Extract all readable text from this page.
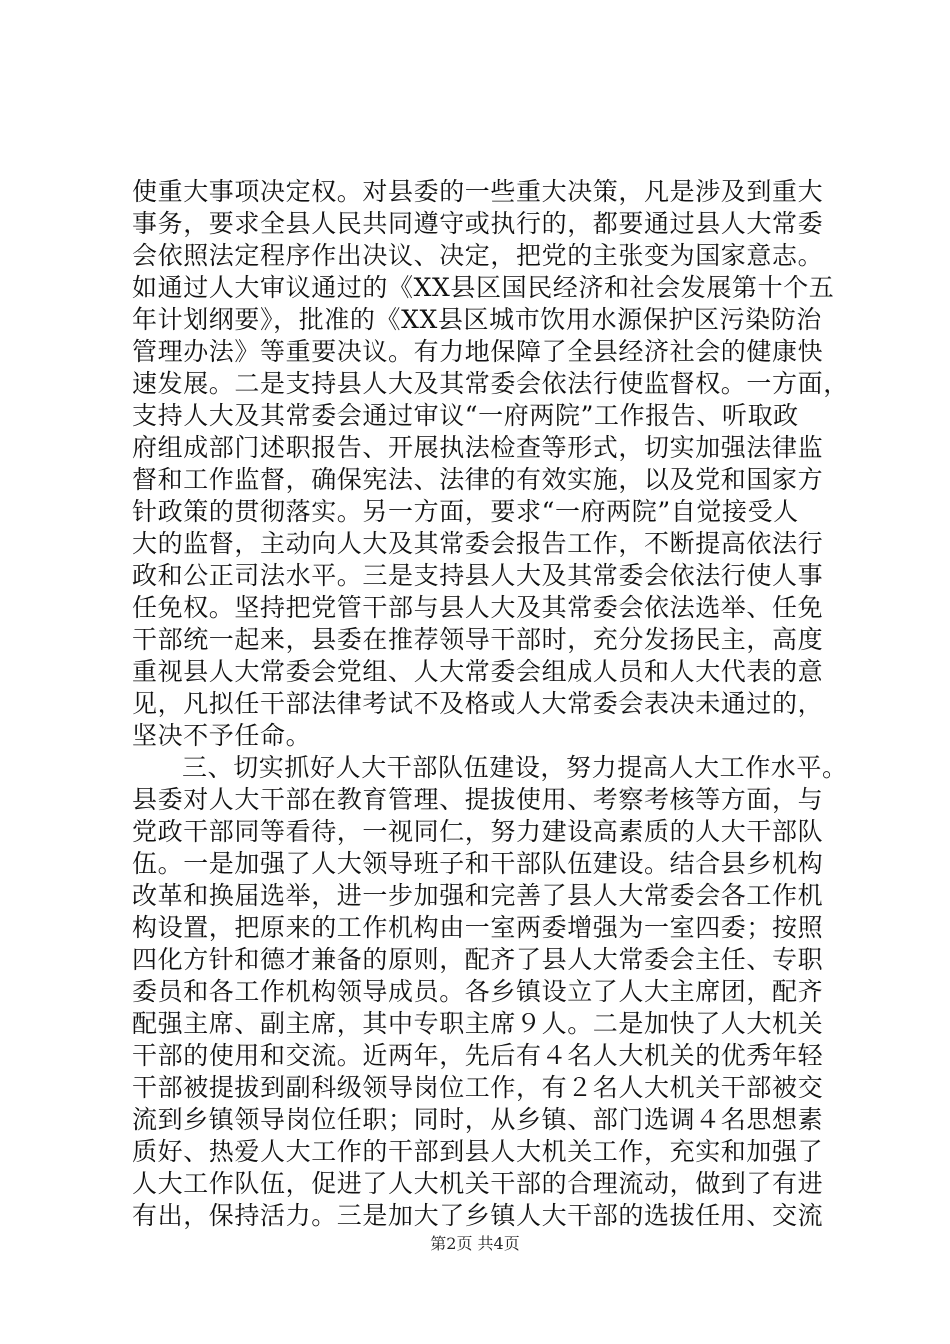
使重大事项决定权。对县委的一些重大决策，凡是涉及到重大
事务，要求全县人民共同遵守或执行的，都要通过县人大常委
会依照法定程序作出决议、决定，把党的主张变为国家意志。
如通过人大审议通过的《XX县区国民经济和社会发展第十个五
年计划纲要》，批准的《XX县区城市饮用水源保护区污染防治
管理办法》等重要决议。有力地保障了全县经济社会的健康快
速发展。二是支持县人大及其常委会依法行使监督权。一方面，
支持人大及其常委会通过审议“一府两院”工作报告、听取政
府组成部门述职报告、开展执法检查等形式，切实加强法律监
督和工作监督，确保宪法、法律的有效实施，以及党和国家方
针政策的贯彻落实。另一方面，要求“一府两院”自觉接受人
大的监督，主动向人大及其常委会报告工作，不断提高依法行
政和公正司法水平。三是支持县人大及其常委会依法行使人事
任免权。坚持把党管干部与县人大及其常委会依法选举、任免
干部统一起来，县委在推荐领导干部时，充分发扬民主，高度
重视县人大常委会党组、人大常委会组成人员和人大代表的意
见，凡拟任干部法律考试不及格或人大常委会表决未通过的，
坚决不予任命。
三、切实抓好人大干部队伍建设，努力提高人大工作水平。
县委对人大干部在教育管理、提拔使用、考察考核等方面，与
党政干部同等看待，一视同仁，努力建设高素质的人大干部队
伍。一是加强了人大领导班子和干部队伍建设。结合县乡机构
改革和换届选举，进一步加强和完善了县人大常委会各工作机
构设置，把原来的工作机构由一室两委增强为一室四委；按照
四化方针和德才兼备的原则，配齐了县人大常委会主任、专职
委员和各工作机构领导成员。各乡镇设立了人大主席团，配齐
配强主席、副主席，其中专职主席９人。二是加快了人大机关
干部的使用和交流。近两年，先后有４名人大机关的优秀年轻
干部被提拔到副科级领导岗位工作，有２名人大机关干部被交
流到乡镇领导岗位任职；同时，从乡镇、部门选调４名思想素
质好、热爱人大工作的干部到县人大机关工作，充实和加强了
人大工作队伍，促进了人大机关干部的合理流动，做到了有进
有出，保持活力。三是加大了乡镇人大干部的选拔任用、交流
第2页 共4页
